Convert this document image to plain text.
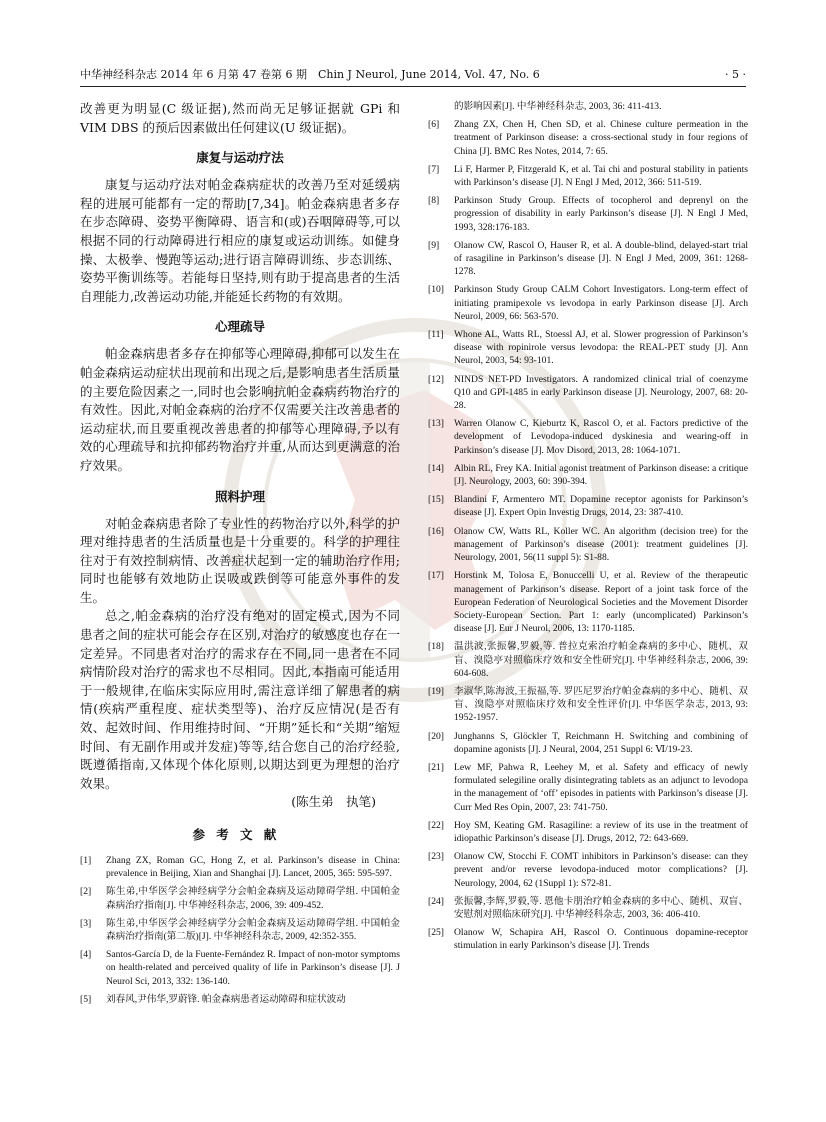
中华神经科杂志 2014 年 6 月第 47 卷第 6 期　Chin J Neurol, June 2014, Vol. 47, No. 6	· 5 ·

改善更为明显(C 级证据),然而尚无足够证据就 GPi 和 VIM DBS 的预后因素做出任何建议(U 级证据)。

康复与运动疗法

康复与运动疗法对帕金森病症状的改善乃至对延缓病程的进展可能都有一定的帮助[7,34]。帕金森病患者多存在步态障碍、姿势平衡障碍、语言和(或)吞咽障碍等,可以根据不同的行动障碍进行相应的康复或运动训练。如健身操、太极拳、慢跑等运动;进行语言障碍训练、步态训练、姿势平衡训练等。若能每日坚持,则有助于提高患者的生活自理能力,改善运动功能,并能延长药物的有效期。

心理疏导

帕金森病患者多存在抑郁等心理障碍,抑郁可以发生在帕金森病运动症状出现前和出现之后,是影响患者生活质量的主要危险因素之一,同时也会影响抗帕金森病药物治疗的有效性。因此,对帕金森病的治疗不仅需要关注改善患者的运动症状,而且要重视改善患者的抑郁等心理障碍,予以有效的心理疏导和抗抑郁药物治疗并重,从而达到更满意的治疗效果。

照料护理

对帕金森病患者除了专业性的药物治疗以外,科学的护理对维持患者的生活质量也是十分重要的。科学的护理往往对于有效控制病情、改善症状起到一定的辅助治疗作用;同时也能够有效地防止误吸或跌倒等可能意外事件的发生。

总之,帕金森病的治疗没有绝对的固定模式,因为不同患者之间的症状可能会存在区别,对治疗的敏感度也存在一定差异。不同患者对治疗的需求存在不同,同一患者在不同病情阶段对治疗的需求也不尽相同。因此,本指南可能适用于一般规律,在临床实际应用时,需注意详细了解患者的病情(疾病严重程度、症状类型等)、治疗反应情况(是否有效、起效时间、作用维持时间、“开期”延长和“关期”缩短时间、有无副作用或并发症)等等,结合您自己的治疗经验,既遵循指南,又体现个体化原则,以期达到更为理想的治疗效果。

(陈生弟　执笔)

参考文献
[1]	Zhang ZX, Roman GC, Hong Z, et al. Parkinson’s disease in China: prevalence in Beijing, Xian and Shanghai [J]. Lancet, 2005, 365: 595-597.
[2]	陈生弟,中华医学会神经病学分会帕金森病及运动障碍学组. 中国帕金森病治疗指南[J]. 中华神经科杂志, 2006, 39: 409-452.
[3]	陈生弟,中华医学会神经病学分会帕金森病及运动障碍学组. 中国帕金森病治疗指南(第二版)[J]. 中华神经科杂志, 2009, 42:352-355.
[4]	Santos-García D, de la Fuente-Fernández R. Impact of non-motor symptoms on health-related and perceived quality of life in Parkinson’s disease [J]. J Neurol Sci, 2013, 332: 136-140.
[5]	刘春风,尹伟华,罗蔚锋. 帕金森病患者运动障碍和症状波动
的影响因素[J]. 中华神经科杂志, 2003, 36: 411-413.
[6]	Zhang ZX, Chen H, Chen SD, et al. Chinese culture permeation in the treatment of Parkinson disease: a cross-sectional study in four regions of China [J]. BMC Res Notes, 2014, 7: 65.
[7]	Li F, Harmer P, Fitzgerald K, et al. Tai chi and postural stability in patients with Parkinson’s disease [J]. N Engl J Med, 2012, 366: 511-519.
[8]	Parkinson Study Group. Effects of tocopherol and deprenyl on the progression of disability in early Parkinson’s disease [J]. N Engl J Med, 1993, 328:176-183.
[9]	Olanow CW, Rascol O, Hauser R, et al. A double-blind, delayed-start trial of rasagiline in Parkinson’s disease [J]. N Engl J Med, 2009, 361: 1268-1278.
[10]	Parkinson Study Group CALM Cohort Investigators. Long-term effect of initiating pramipexole vs levodopa in early Parkinson disease [J]. Arch Neurol, 2009, 66: 563-570.
[11]	Whone AL, Watts RL, Stoessl AJ, et al. Slower progression of Parkinson’s disease with ropinirole versus levodopa: the REAL-PET study [J]. Ann Neurol, 2003, 54: 93-101.
[12]	NINDS NET-PD Investigators. A randomized clinical trial of coenzyme Q10 and GPI-1485 in early Parkinson disease [J]. Neurology, 2007, 68: 20-28.
[13]	Warren Olanow C, Kieburtz K, Rascol O, et al. Factors predictive of the development of Levodopa-induced dyskinesia and wearing-off in Parkinson’s disease [J]. Mov Disord, 2013, 28: 1064-1071.
[14]	Albin RL, Frey KA. Initial agonist treatment of Parkinson disease: a critique [J]. Neurology, 2003, 60: 390-394.
[15]	Blandini F, Armentero MT. Dopamine receptor agonists for Parkinson’s disease [J]. Expert Opin Investig Drugs, 2014, 23: 387-410.
[16]	Olanow CW, Watts RL, Koller WC. An algorithm (decision tree) for the management of Parkinson’s disease (2001): treatment guidelines [J]. Neurology, 2001, 56(11 suppl 5): S1-88.
[17]	Horstink M, Tolosa E, Bonuccelli U, et al. Review of the therapeutic management of Parkinson’s disease. Report of a joint task force of the European Federation of Neurological Societies and the Movement Disorder Society-European Section. Part 1: early (uncomplicated) Parkinson’s disease [J]. Eur J Neurol, 2006, 13: 1170-1185.
[18]	温洪波,张振馨,罗毅,等. 普拉克索治疗帕金森病的多中心、随机、双盲、溴隐亭对照临床疗效和安全性研究[J]. 中华神经科杂志, 2006, 39: 604-608.
[19]	李淑华,陈海波,王振福,等. 罗匹尼罗治疗帕金森病的多中心、随机、双盲、溴隐亭对照临床疗效和安全性评价[J]. 中华医学杂志, 2013, 93: 1952-1957.
[20]	Junghanns S, Glöckler T, Reichmann H. Switching and combining of dopamine agonists [J]. J Neural, 2004, 251 Suppl 6: Ⅵ/19-23.
[21]	Lew MF, Pahwa R, Leehey M, et al. Safety and efficacy of newly formulated selegiline orally disintegrating tablets as an adjunct to levodopa in the management of ‘off’ episodes in patients with Parkinson’s disease [J]. Curr Med Res Opin, 2007, 23: 741-750.
[22]	Hoy SM, Keating GM. Rasagiline: a review of its use in the treatment of idiopathic Parkinson’s disease [J]. Drugs, 2012, 72: 643-669.
[23]	Olanow CW, Stocchi F. COMT inhibitors in Parkinson’s disease: can they prevent and/or reverse levodopa-induced motor complications? [J]. Neurology, 2004, 62 (1Suppl 1): S72-81.
[24]	张振馨,李辉,罗毅,等. 恩他卡朋治疗帕金森病的多中心、随机、双盲、安慰剂对照临床研究[J]. 中华神经科杂志, 2003, 36: 406-410.
[25]	Olanow W, Schapira AH, Rascol O. Continuous dopamine-receptor stimulation in early Parkinson’s disease [J]. Trends
